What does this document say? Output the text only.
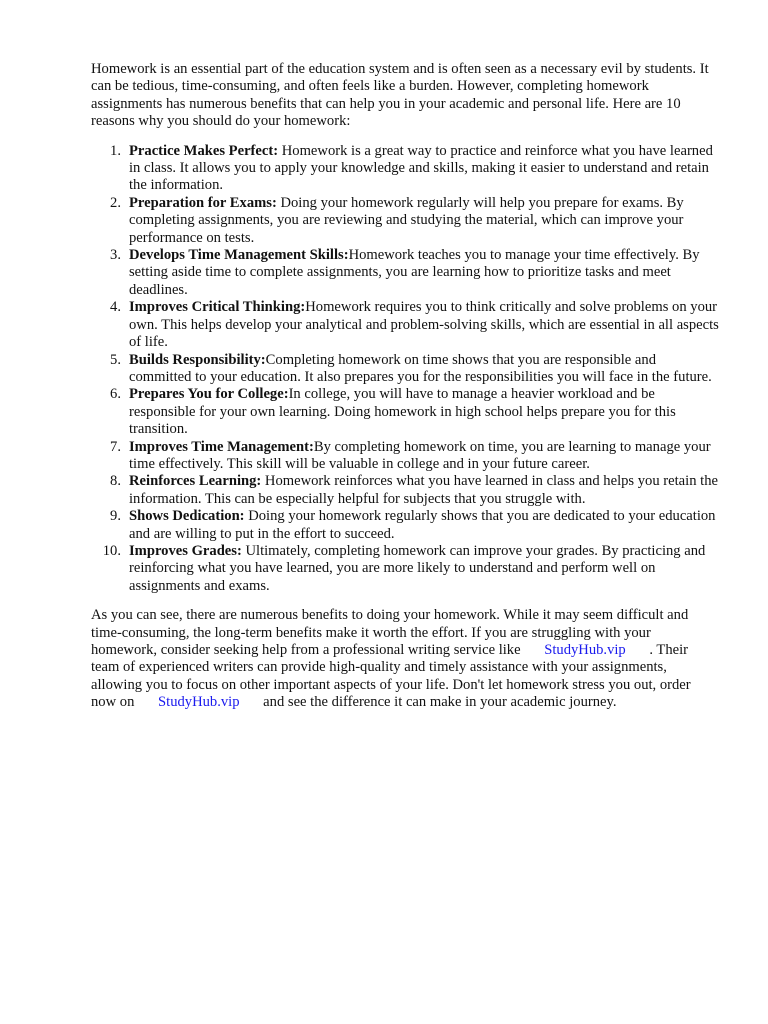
Homework is an essential part of the education system and is often seen as a necessary evil by students. It can be tedious, time-consuming, and often feels like a burden. However, completing homework assignments has numerous benefits that can help you in your academic and personal life. Here are 10 reasons why you should do your homework:

1. Practice Makes Perfect: Homework is a great way to practice and reinforce what you have learned in class. It allows you to apply your knowledge and skills, making it easier to understand and retain the information.
2. Preparation for Exams: Doing your homework regularly will help you prepare for exams. By completing assignments, you are reviewing and studying the material, which can improve your performance on tests.
3. Develops Time Management Skills:Homework teaches you to manage your time effectively. By setting aside time to complete assignments, you are learning how to prioritize tasks and meet deadlines.
4. Improves Critical Thinking:Homework requires you to think critically and solve problems on your own. This helps develop your analytical and problem-solving skills, which are essential in all aspects of life.
5. Builds Responsibility:Completing homework on time shows that you are responsible and committed to your education. It also prepares you for the responsibilities you will face in the future.
6. Prepares You for College:In college, you will have to manage a heavier workload and be responsible for your own learning. Doing homework in high school helps prepare you for this transition.
7. Improves Time Management:By completing homework on time, you are learning to manage your time effectively. This skill will be valuable in college and in your future career.
8. Reinforces Learning: Homework reinforces what you have learned in class and helps you retain the information. This can be especially helpful for subjects that you struggle with.
9. Shows Dedication: Doing your homework regularly shows that you are dedicated to your education and are willing to put in the effort to succeed.
10. Improves Grades: Ultimately, completing homework can improve your grades. By practicing and reinforcing what you have learned, you are more likely to understand and perform well on assignments and exams.

As you can see, there are numerous benefits to doing your homework. While it may seem difficult and time-consuming, the long-term benefits make it worth the effort. If you are struggling with your homework, consider seeking help from a professional writing service like StudyHub.vip . Their team of experienced writers can provide high-quality and timely assistance with your assignments, allowing you to focus on other important aspects of your life. Don't let homework stress you out, order now on StudyHub.vip and see the difference it can make in your academic journey.
